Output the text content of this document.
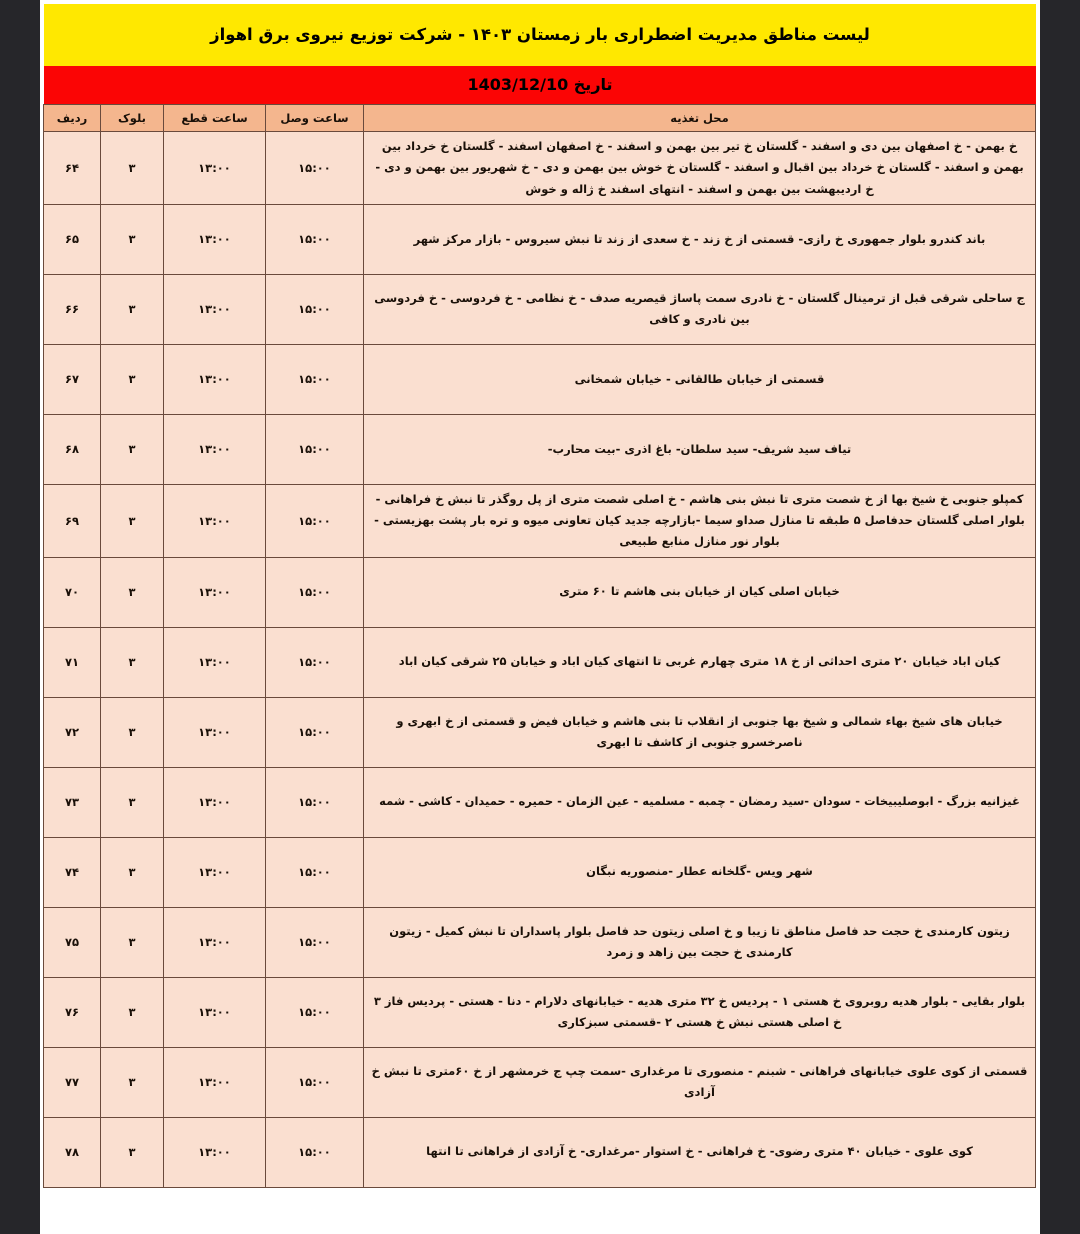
لیست مناطق مدیریت اضطراری بار زمستان ۱۴۰۳ - شرکت توزیع نیروی برق اهواز
تاریخ 1403/12/10
محل تغذیه	ساعت وصل	ساعت قطع	بلوک	ردیف
خ بهمن - خ اصفهان بین دی و اسفند - گلستان خ تیر بین بهمن و اسفند - خ اصفهان اسفند - گلستان خ خرداد بین بهمن و اسفند - گلستان خ خرداد بین اقبال و اسفند - گلستان خ خوش بین بهمن و دی - خ شهریور بین بهمن و دی - خ اردیبهشت بین بهمن و اسفند - انتهای اسفند خ ژاله و خوش	۱۵:۰۰	۱۳:۰۰	۳	۶۴
باند کندرو بلوار جمهوری خ رازی- قسمتی از خ زند - خ سعدی از زند تا نبش سیروس - بازار مرکز شهر	۱۵:۰۰	۱۳:۰۰	۳	۶۵
ج ساحلی شرقی قبل از ترمینال گلستان - خ نادری سمت پاساژ قیصریه صدف - خ نظامی - خ فردوسی - خ فردوسی بین نادری و کافی	۱۵:۰۰	۱۳:۰۰	۳	۶۶
قسمتی از خیابان طالقانی - خیابان شمخانی	۱۵:۰۰	۱۳:۰۰	۳	۶۷
تیاف سید شریف- سید سلطان- باغ اذری -بیت محارب-	۱۵:۰۰	۱۳:۰۰	۳	۶۸
کمپلو جنوبی خ شیخ بها از خ شصت متری تا نبش بنی هاشم - خ اصلی شصت متری از پل روگذر تا نبش خ فراهانی - بلوار اصلی گلستان حدفاصل ۵ طبقه تا منازل صداو سیما -بازارچه جدید کیان تعاونی میوه و تره بار پشت بهزیستی - بلوار نور منازل منابع طبیعی	۱۵:۰۰	۱۳:۰۰	۳	۶۹
خیابان اصلی کیان از خیابان بنی هاشم تا ۶۰ متری	۱۵:۰۰	۱۳:۰۰	۳	۷۰
کیان اباد خیابان ۲۰ متری احداثی از خ ۱۸ متری چهارم غربی تا انتهای کیان اباد و خیابان ۲۵ شرقی کیان اباد	۱۵:۰۰	۱۳:۰۰	۳	۷۱
خیابان های شیخ بهاء شمالی و شیخ بها جنوبی از انقلاب تا بنی هاشم و خیابان فیض و قسمتی از خ ابهری و ناصرخسرو جنوبی از کاشف تا ابهری	۱۵:۰۰	۱۳:۰۰	۳	۷۲
غیزانیه بزرگ - ابوصلیبیخات - سودان -سید رمضان - چمبه - مسلمیه - عین الزمان - حمیره - حمیدان - کاشی - شمه	۱۵:۰۰	۱۳:۰۰	۳	۷۳
شهر ویس -گلخانه عطار -منصوریه نبگان	۱۵:۰۰	۱۳:۰۰	۳	۷۴
زیتون کارمندی خ حجت حد فاصل مناطق تا زیبا و خ اصلی زیتون حد فاصل بلوار پاسداران تا نبش کمیل - زیتون کارمندی خ حجت بین زاهد و زمرد	۱۵:۰۰	۱۳:۰۰	۳	۷۵
بلوار بقایی - بلوار هدیه روبروی خ هستی ۱ - پردیس خ ۳۲ متری هدیه - خیابانهای دلارام - دنا - هستی - پردیس فاز ۳ خ اصلی هستی نبش خ هستی ۲ -قسمتی سبزکاری	۱۵:۰۰	۱۳:۰۰	۳	۷۶
قسمتی از کوی علوی خیابانهای فراهانی - شبنم - منصوری تا مرغداری -سمت چپ ج خرمشهر از خ ۶۰متری تا نبش خ آزادی	۱۵:۰۰	۱۳:۰۰	۳	۷۷
کوی علوی - خیابان ۴۰ متری رضوی- خ فراهانی - خ استوار -مرغداری- خ آزادی از فراهانی تا انتها	۱۵:۰۰	۱۳:۰۰	۳	۷۸
